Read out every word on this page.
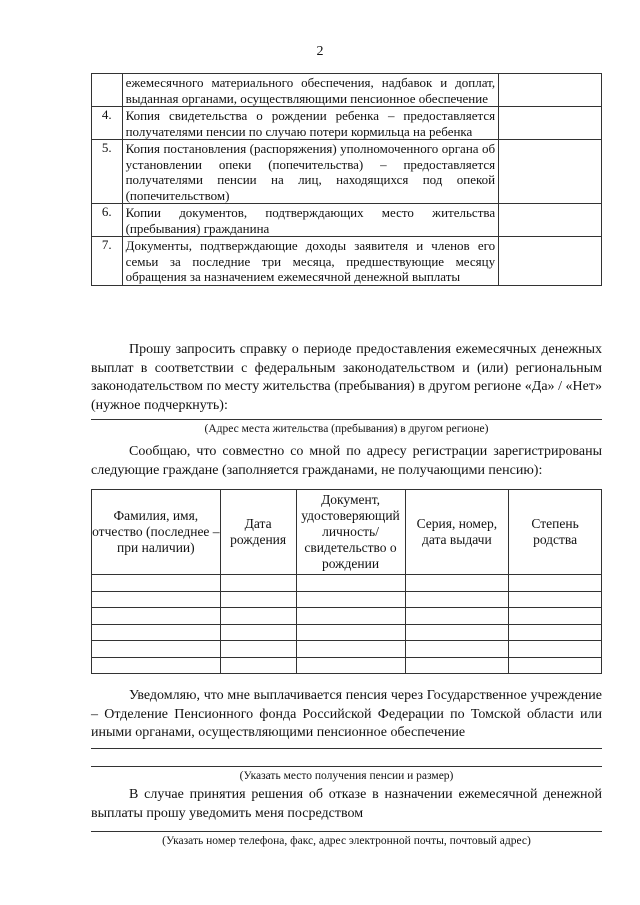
2
	ежемесячного материального обеспечения, надбавок и доплат, выданная органами, осуществляющими пенсионное обеспечение	
4.	Копия свидетельства о рождении ребенка – предоставляется получателями пенсии по случаю потери кормильца на ребенка	
5.	Копия постановления (распоряжения) уполномоченного органа об установлении опеки (попечительства) – предоставляется получателями пенсии на лиц, находящихся под опекой (попечительством)	
6.	Копии документов, подтверждающих место жительства (пребывания) гражданина	
7.	Документы, подтверждающие доходы заявителя и членов его семьи за последние три месяца, предшествующие месяцу обращения за назначением ежемесячной денежной выплаты	
Прошу запросить справку о периоде предоставления ежемесячных денежных выплат в соответствии с федеральным законодательством и (или) региональным законодательством по месту жительства (пребывания) в другом регионе «Да» / «Нет» (нужное подчеркнуть):
(Адрес места жительства (пребывания) в другом регионе)
Сообщаю, что совместно со мной по адресу регистрации зарегистрированы следующие граждане (заполняется гражданами, не получающими пенсию):
Фамилия, имя, отчество (последнее – при наличии)	Дата рождения	Документ, удостоверяющий личность/ свидетельство о рождении	Серия, номер, дата выдачи	Степень родства

Уведомляю, что мне выплачивается пенсия через Государственное учреждение – Отделение Пенсионного фонда Российской Федерации по Томской области или иными органами, осуществляющими пенсионное обеспечение
(Указать место получения пенсии и размер)
В случае принятия решения об отказе в назначении ежемесячной денежной выплаты прошу уведомить меня посредством
(Указать номер телефона, факс, адрес электронной почты, почтовый адрес)
